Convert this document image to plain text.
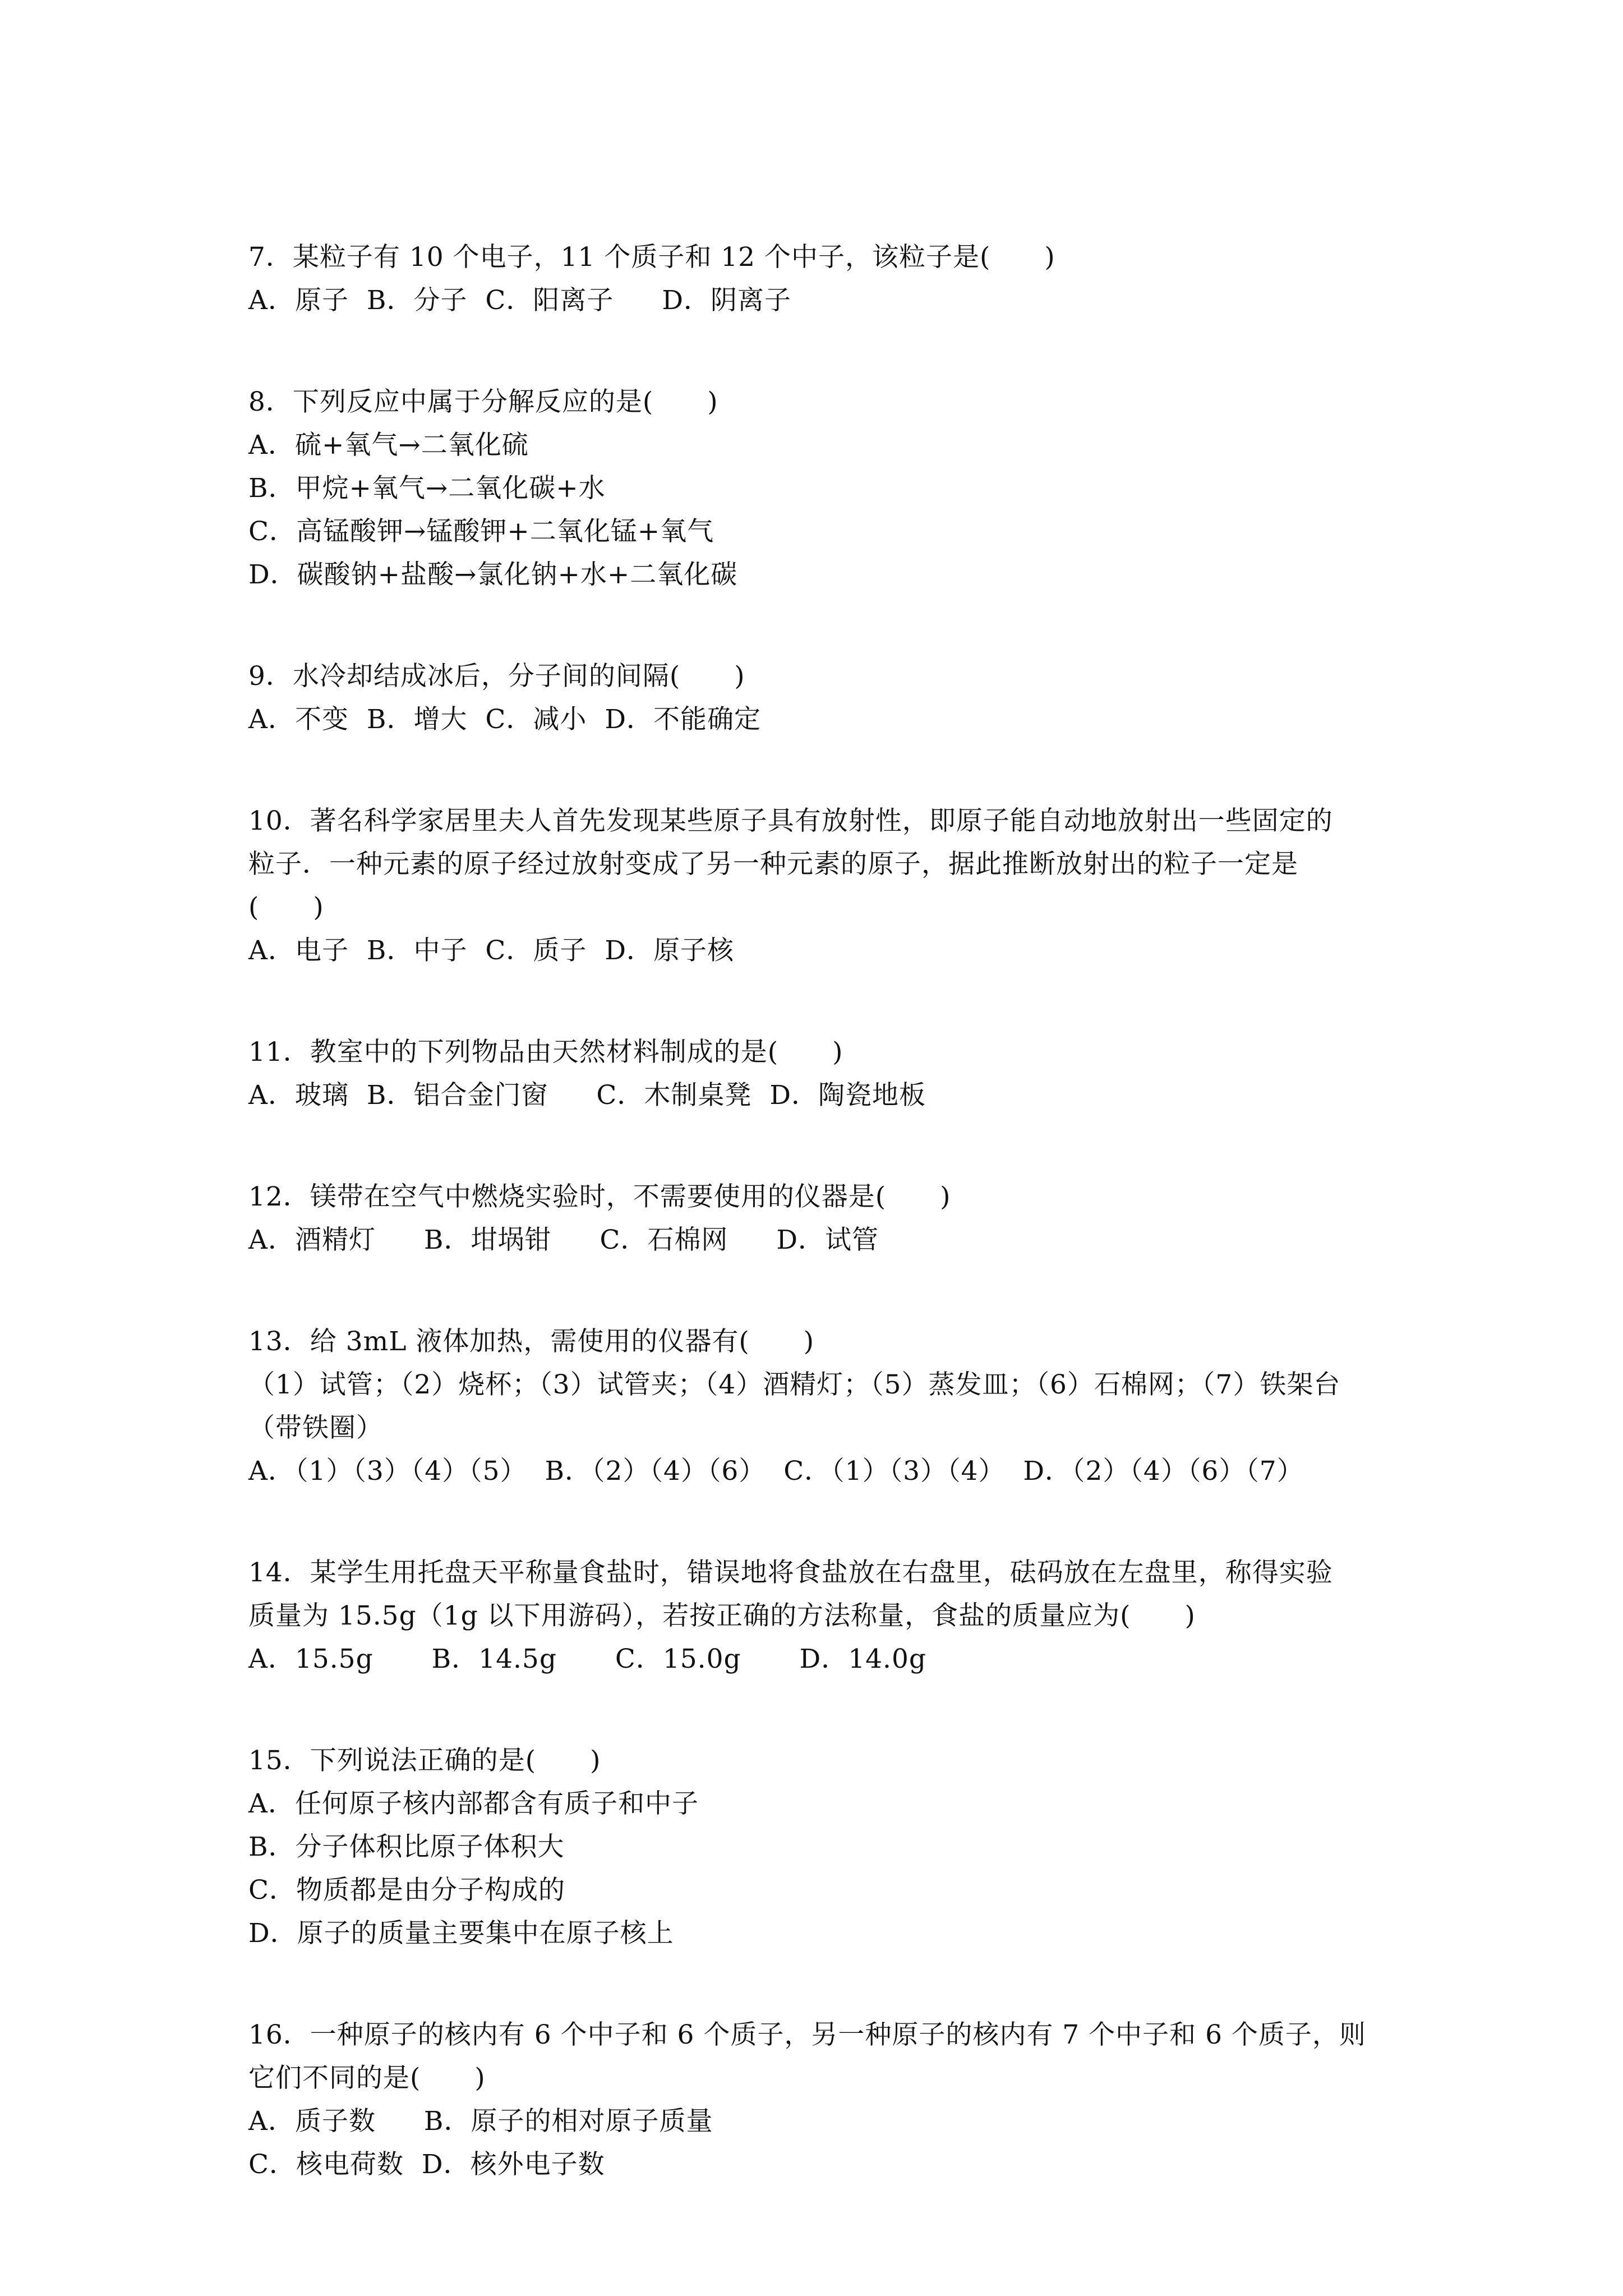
7．某粒子有 10 个电子，11 个质子和 12 个中子，该粒子是(　　)
A．原子 B．分子 C．阳离子 D．阴离子
8．下列反应中属于分解反应的是(　　)
A．硫+氧气→二氧化硫
B．甲烷+氧气→二氧化碳+水
C．高锰酸钾→锰酸钾+二氧化锰+氧气
D．碳酸钠+盐酸→氯化钠+水+二氧化碳
9．水冷却结成冰后，分子间的间隔(　　)
A．不变 B．增大 C．减小 D．不能确定
10．著名科学家居里夫人首先发现某些原子具有放射性，即原子能自动地放射出一些固定的
粒子．一种元素的原子经过放射变成了另一种元素的原子，据此推断放射出的粒子一定是
(　　)
A．电子 B．中子 C．质子 D．原子核
11．教室中的下列物品由天然材料制成的是(　　)
A．玻璃 B．铝合金门窗 C．木制桌凳 D．陶瓷地板
12．镁带在空气中燃烧实验时，不需要使用的仪器是(　　)
A．酒精灯 B．坩埚钳 C．石棉网 D．试管
13．给 3mL 液体加热，需使用的仪器有(　　)
（1）试管；（2）烧杯；（3）试管夹；（4）酒精灯；（5）蒸发皿；（6）石棉网；（7）铁架台
（带铁圈）
A．（1）（3）（4）（5） B．（2）（4）（6） C．（1）（3）（4） D．（2）（4）（6）（7）
14．某学生用托盘天平称量食盐时，错误地将食盐放在右盘里，砝码放在左盘里，称得实验
质量为 15.5g（1g 以下用游码），若按正确的方法称量，食盐的质量应为(　　)
A．15.5g B．14.5g C．15.0g D．14.0g
15．下列说法正确的是(　　)
A．任何原子核内部都含有质子和中子
B．分子体积比原子体积大
C．物质都是由分子构成的
D．原子的质量主要集中在原子核上
16．一种原子的核内有 6 个中子和 6 个质子，另一种原子的核内有 7 个中子和 6 个质子，则
它们不同的是(　　)
A．质子数 B．原子的相对原子质量
C．核电荷数 D．核外电子数
